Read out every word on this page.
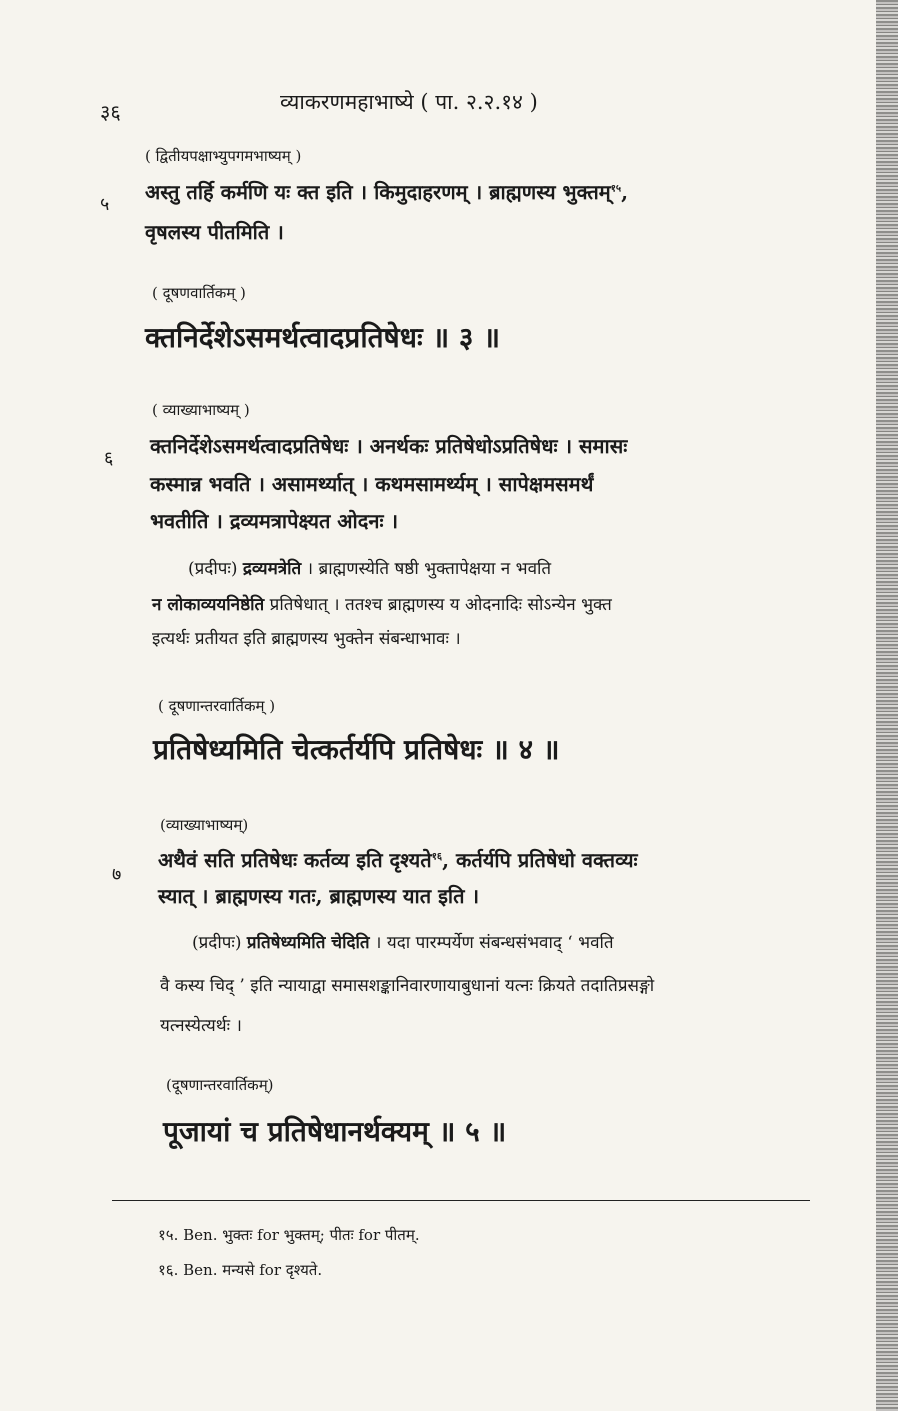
३६	व्याकरणमहाभाष्ये ( पा. २.२.१४ )
( द्वितीयपक्षाभ्युपगमभाष्यम् )
५
अस्तु तर्हि कर्मणि यः क्त इति । किमुदाहरणम् । ब्राह्मणस्य भुक्तम्$^{१५}$,
वृषलस्य पीतमिति ।
( दूषणवार्तिकम् )
क्तनिर्देशेऽसमर्थत्वादप्रतिषेधः ॥ ३ ॥
( व्याख्याभाष्यम् )
६
क्तनिर्देशेऽसमर्थत्वादप्रतिषेधः । अनर्थकः प्रतिषेधोऽप्रतिषेधः । समासः
कस्मान्न भवति । असामर्थ्यात् । कथमसामर्थ्यम् । सापेक्षमसमर्थं
भवतीति । द्रव्यमत्रापेक्ष्यत ओदनः ।
(प्रदीपः) द्रव्यमत्रेति । ब्राह्मणस्येति षष्ठी भुक्तापेक्षया न भवति
न लोकाव्ययनिष्ठेति प्रतिषेधात् । ततश्च ब्राह्मणस्य य ओदनादिः सोऽन्येन भुक्त
इत्यर्थः प्रतीयत इति ब्राह्मणस्य भुक्तेन संबन्धाभावः ।
( दूषणान्तरवार्तिकम् )
प्रतिषेध्यमिति चेत्कर्तर्यपि प्रतिषेधः ॥ ४ ॥
(व्याख्याभाष्यम्)
७
अथैवं सति प्रतिषेधः कर्तव्य इति दृश्यते$^{१६}$, कर्तर्यपि प्रतिषेधो वक्तव्यः
स्यात् । ब्राह्मणस्य गतः, ब्राह्मणस्य यात इति ।
(प्रदीपः) प्रतिषेध्यमिति चेदिति । यदा पारम्पर्येण संबन्धसंभवाद् ‘ भवति
वै कस्य चिद् ’ इति न्यायाद्वा समासशङ्कानिवारणायाबुधानां यत्नः क्रियते तदातिप्रसङ्गो
यत्नस्येत्यर्थः ।
(दूषणान्तरवार्तिकम्)
पूजायां च प्रतिषेधानर्थक्यम् ॥ ५ ॥
१५. Ben. भुक्तः for भुक्तम्; पीतः for पीतम्.
१६. Ben. मन्यसे for दृश्यते.
